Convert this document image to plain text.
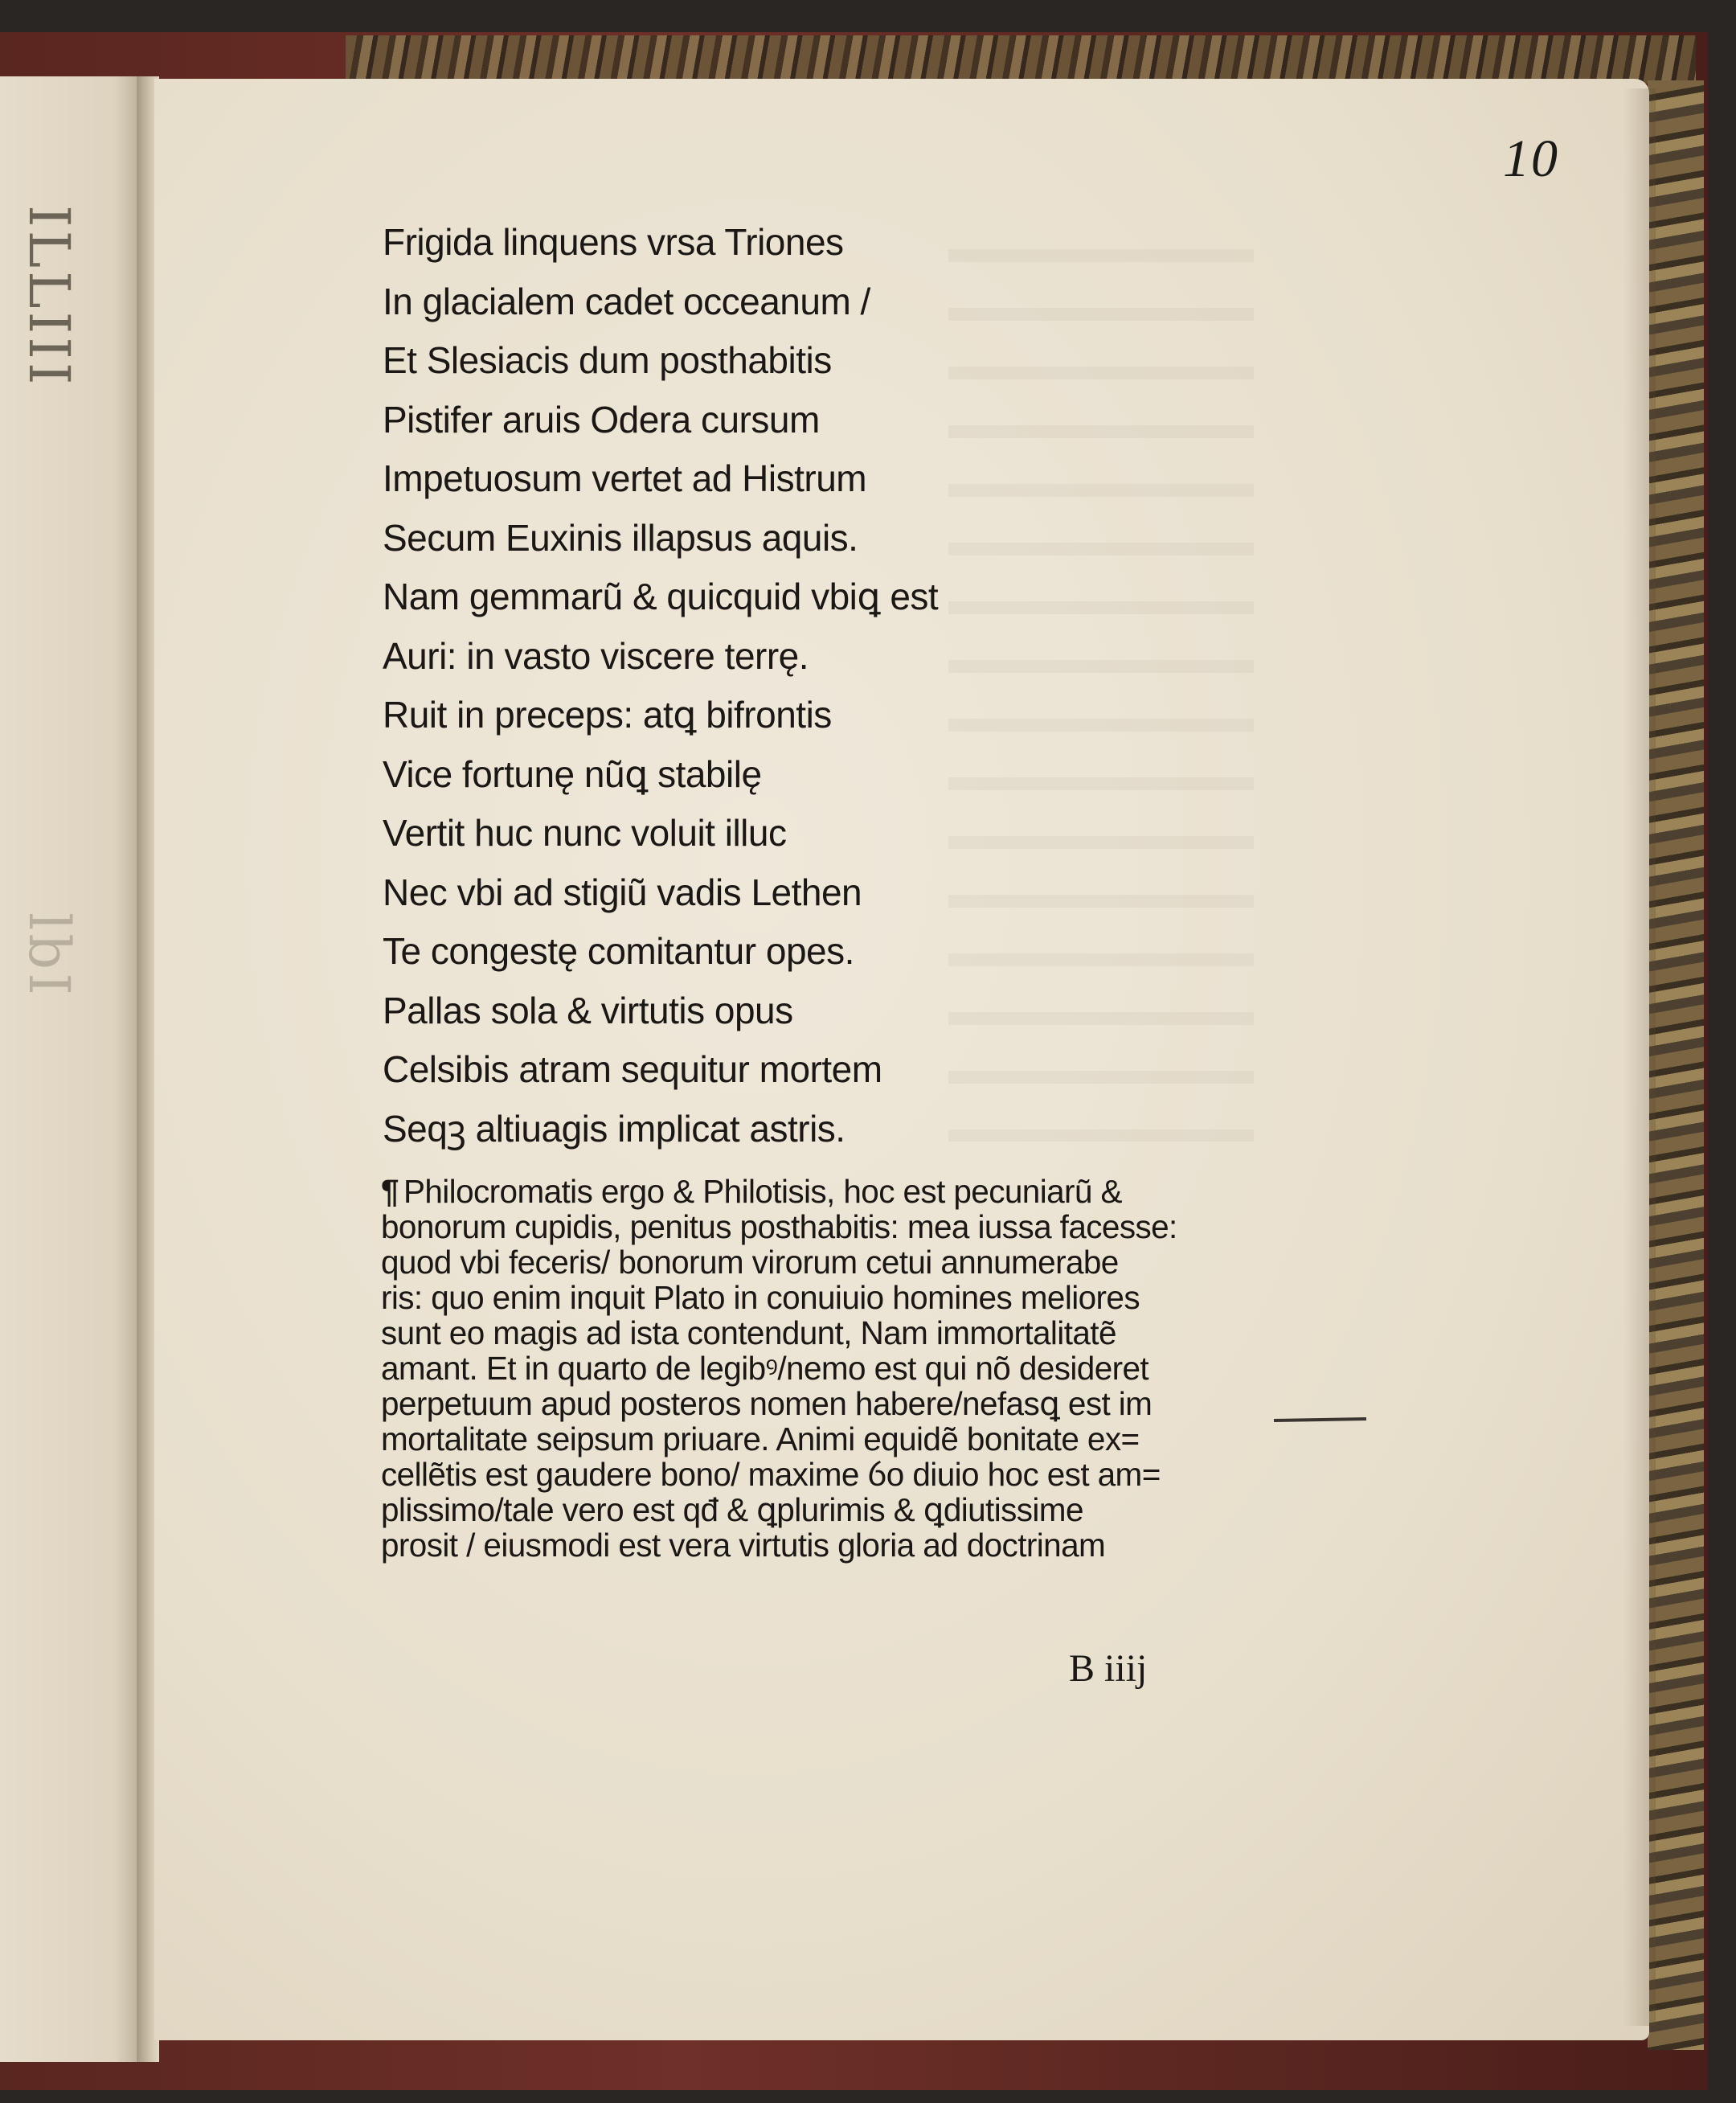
ILLIII
lbI
10
Frigida linquens vrsa Triones
In glacialem cadet occeanum /
Et Slesiacis dum posthabitis
Pistifer aruis Odera cursum
Impetuosum vertet ad Histrum
Secum Euxinis illapsus aquis.
Nam gemmarũ & quicquid vbiꝗ est
Auri: in vasto viscere terrę.
Ruit in preceps: atꝗ bifrontis
Vice fortunę nũꝗ stabilę
Vertit huc nunc voluit illuc
Nec vbi ad stigiũ vadis Lethen
Te congestę comitantur opes.
Pallas sola & virtutis opus
Celsibis atram sequitur mortem
Seqꝫ altiuagis implicat astris.
¶ Philocromatis ergo & Philotisis, hoc est pecuniarũ &
bonorum cupidis, penitus posthabitis: mea iussa facesse:
quod vbi feceris/ bonorum virorum cetui annumerabe
ris: quo enim inquit Plato in conuiuio homines meliores
sunt eo magis ad ista contendunt, Nam immortalitatẽ
amant. Et in quarto de legibꝰ/nemo est qui nõ desideret
perpetuum apud posteros nomen habere/nefasꝗ est im
mortalitate seipsum priuare. Animi equidẽ bonitate ex=
cellẽtis est gaudere bono/ maxime ỽo diuio hoc est am=
plissimo/tale vero est qđ & ꝗplurimis & ꝗdiutissime
prosit / eiusmodi est vera virtutis gloria ad doctrinam
B iiij
